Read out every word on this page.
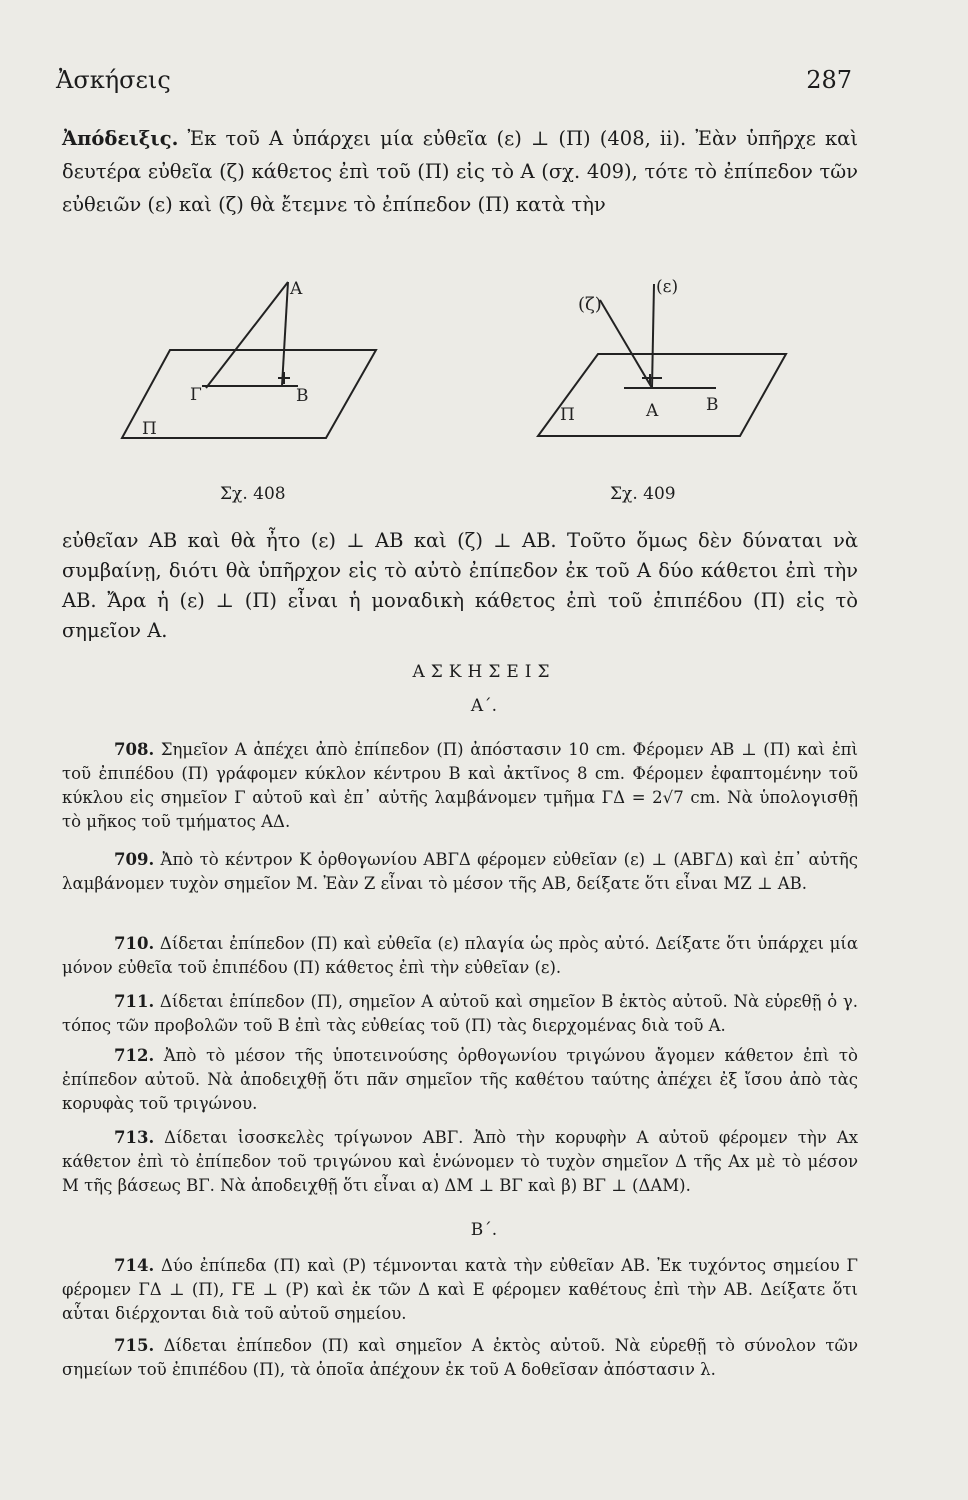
Ἀσκήσεις	287

Ἀπόδειξις. Ἐκ τοῦ Α ὑπάρχει μία εὐθεῖα (ε) ⊥ (Π) (408, ii). Ἐὰν ὑπῆρχε καὶ δευτέρα εὐθεῖα (ζ) κάθετος ἐπὶ τοῦ (Π) εἰς τὸ Α (σχ. 409), τότε τὸ ἐπίπεδον τῶν εὐθειῶν (ε) καὶ (ζ) θὰ ἔτεμνε τὸ ἐπίπεδον (Π) κατὰ τὴν

Α
Γ	Β
Π
(ζ)
(ε)
Α	Β
Π
Σχ. 408	Σχ. 409

εὐθεῖαν ΑΒ καὶ θὰ ἦτο (ε) ⊥ ΑΒ καὶ (ζ) ⊥ ΑΒ. Τοῦτο ὅμως δὲν δύναται νὰ συμβαίνῃ, διότι θὰ ὑπῆρχον εἰς τὸ αὐτὸ ἐπίπεδον ἐκ τοῦ Α δύο κάθετοι ἐπὶ τὴν ΑΒ. Ἄρα ἡ (ε) ⊥ (Π) εἶναι ἡ μοναδικὴ κάθετος ἐπὶ τοῦ ἐπιπέδου (Π) εἰς τὸ σημεῖον Α.

ΑΣΚΗΣΕΙΣ
Α΄.

708. Σημεῖον Α ἀπέχει ἀπὸ ἐπίπεδον (Π) ἀπόστασιν 10 cm. Φέρομεν ΑΒ ⊥ (Π) καὶ ἐπὶ τοῦ ἐπιπέδου (Π) γράφομεν κύκλον κέντρου Β καὶ ἀκτῖνος 8 cm. Φέρομεν ἐφαπτομένην τοῦ κύκλου εἰς σημεῖον Γ αὐτοῦ καὶ ἐπ᾽ αὐτῆς λαμβάνομεν τμῆμα ΓΔ = 2√7 cm. Νὰ ὑπολογισθῇ τὸ μῆκος τοῦ τμήματος ΑΔ.

709. Ἀπὸ τὸ κέντρον Κ ὀρθογωνίου ΑΒΓΔ φέρομεν εὐθεῖαν (ε) ⊥ (ΑΒΓΔ) καὶ ἐπ᾽ αὐτῆς λαμβάνομεν τυχὸν σημεῖον Μ. Ἐὰν Ζ εἶναι τὸ μέσον τῆς ΑΒ, δείξατε ὅτι εἶναι ΜΖ ⊥ ΑΒ.

710. Δίδεται ἐπίπεδον (Π) καὶ εὐθεῖα (ε) πλαγία ὡς πρὸς αὐτό. Δείξατε ὅτι ὑπάρχει μία μόνον εὐθεῖα τοῦ ἐπιπέδου (Π) κάθετος ἐπὶ τὴν εὐθεῖαν (ε).

711. Δίδεται ἐπίπεδον (Π), σημεῖον Α αὐτοῦ καὶ σημεῖον Β ἐκτὸς αὐτοῦ. Νὰ εὑρεθῇ ὁ γ. τόπος τῶν προβολῶν τοῦ Β ἐπὶ τὰς εὐθείας τοῦ (Π) τὰς διερχομένας διὰ τοῦ Α.

712. Ἀπὸ τὸ μέσον τῆς ὑποτεινούσης ὀρθογωνίου τριγώνου ἄγομεν κάθετον ἐπὶ τὸ ἐπίπεδον αὐτοῦ. Νὰ ἀποδειχθῇ ὅτι πᾶν σημεῖον τῆς καθέτου ταύτης ἀπέχει ἐξ ἴσου ἀπὸ τὰς κορυφὰς τοῦ τριγώνου.

713. Δίδεται ἰσοσκελὲς τρίγωνον ΑΒΓ. Ἀπὸ τὴν κορυφὴν Α αὐτοῦ φέρομεν τὴν Αx κάθετον ἐπὶ τὸ ἐπίπεδον τοῦ τριγώνου καὶ ἑνώνομεν τὸ τυχὸν σημεῖον Δ τῆς Αx μὲ τὸ μέσον Μ τῆς βάσεως ΒΓ. Νὰ ἀποδειχθῇ ὅτι εἶναι α) ΔΜ ⊥ ΒΓ καὶ β) ΒΓ ⊥ (ΔΑΜ).

Β΄.

714. Δύο ἐπίπεδα (Π) καὶ (Ρ) τέμνονται κατὰ τὴν εὐθεῖαν ΑΒ. Ἐκ τυχόντος σημείου Γ φέρομεν ΓΔ ⊥ (Π), ΓΕ ⊥ (Ρ) καὶ ἐκ τῶν Δ καὶ Ε φέρομεν καθέτους ἐπὶ τὴν ΑΒ. Δείξατε ὅτι αὗται διέρχονται διὰ τοῦ αὐτοῦ σημείου.

715. Δίδεται ἐπίπεδον (Π) καὶ σημεῖον Α ἐκτὸς αὐτοῦ. Νὰ εὑρεθῇ τὸ σύνολον τῶν σημείων τοῦ ἐπιπέδου (Π), τὰ ὁποῖα ἀπέχουν ἐκ τοῦ Α δοθεῖσαν ἀπόστασιν λ.
